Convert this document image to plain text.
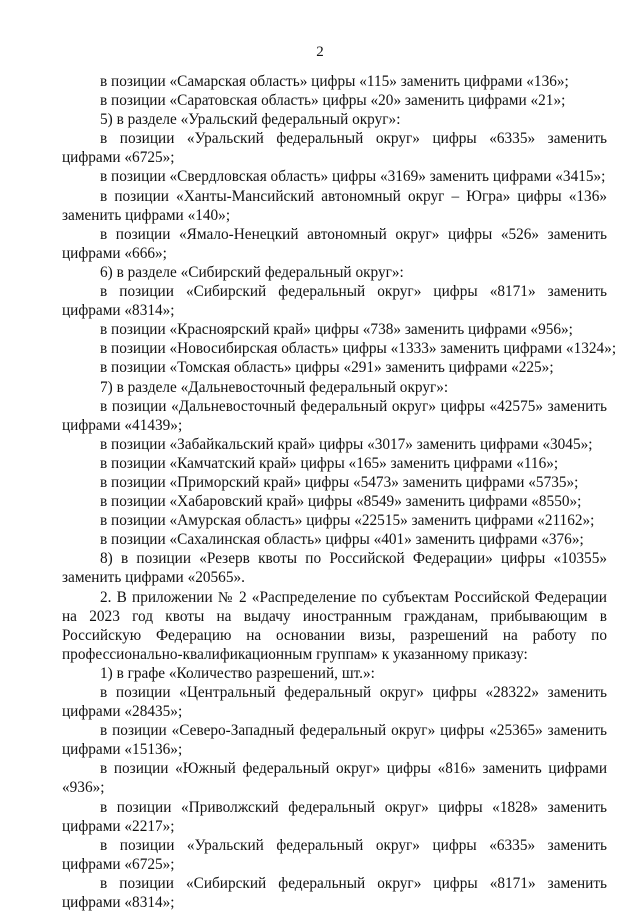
2

в позиции «Самарская область» цифры «115» заменить цифрами «136»;

в позиции «Саратовская область» цифры «20» заменить цифрами «21»;

5) в разделе «Уральский федеральный округ»:

в позиции «Уральский федеральный округ» цифры «6335» заменить цифрами «6725»;

в позиции «Свердловская область» цифры «3169» заменить цифрами «3415»;

в позиции «Ханты-Мансийский автономный округ – Югра» цифры «136» заменить цифрами «140»;

в позиции «Ямало-Ненецкий автономный округ» цифры «526» заменить цифрами «666»;

6) в разделе «Сибирский федеральный округ»:

в позиции «Сибирский федеральный округ» цифры «8171» заменить цифрами «8314»;

в позиции «Красноярский край» цифры «738» заменить цифрами «956»;

в позиции «Новосибирская область» цифры «1333» заменить цифрами «1324»;

в позиции «Томская область» цифры «291» заменить цифрами «225»;

7) в разделе «Дальневосточный федеральный округ»:

в позиции «Дальневосточный федеральный округ» цифры «42575» заменить цифрами «41439»;

в позиции «Забайкальский край» цифры «3017» заменить цифрами «3045»;

в позиции «Камчатский край» цифры «165» заменить цифрами «116»;

в позиции «Приморский край» цифры «5473» заменить цифрами «5735»;

в позиции «Хабаровский край» цифры «8549» заменить цифрами «8550»;

в позиции «Амурская область» цифры «22515» заменить цифрами «21162»;

в позиции «Сахалинская область» цифры «401» заменить цифрами «376»;

8) в позиции «Резерв квоты по Российской Федерации» цифры «10355» заменить цифрами «20565».

2. В приложении № 2 «Распределение по субъектам Российской Федерации на 2023 год квоты на выдачу иностранным гражданам, прибывающим в Российскую Федерацию на основании визы, разрешений на работу по профессионально-квалификационным группам» к указанному приказу:

1) в графе «Количество разрешений, шт.»:

в позиции «Центральный федеральный округ» цифры «28322» заменить цифрами «28435»;

в позиции «Северо-Западный федеральный округ» цифры «25365» заменить цифрами «15136»;

в позиции «Южный федеральный округ» цифры «816» заменить цифрами «936»;

в позиции «Приволжский федеральный округ» цифры «1828» заменить цифрами «2217»;

в позиции «Уральский федеральный округ» цифры «6335» заменить цифрами «6725»;

в позиции «Сибирский федеральный округ» цифры «8171» заменить цифрами «8314»;
